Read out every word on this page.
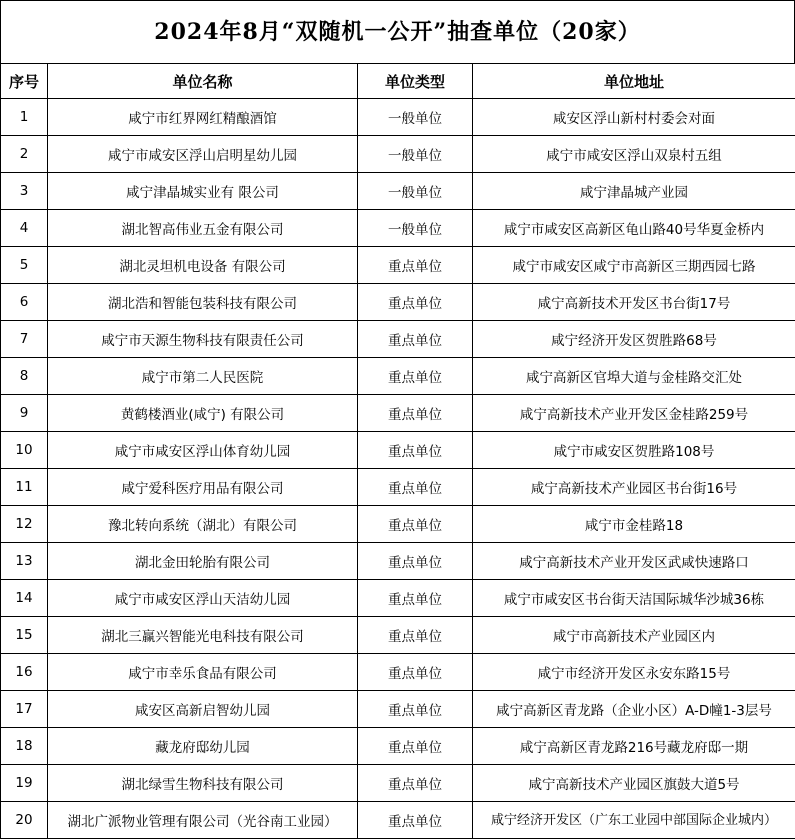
2024年8月“双随机一公开”抽查单位（20家）
序号	单位名称	单位类型	单位地址
1	咸宁市红界网红精酿酒馆	一般单位	咸安区浮山新村村委会对面
2	咸宁市咸安区浮山启明星幼儿园	一般单位	咸宁市咸安区浮山双泉村五组
3	咸宁津晶城实业有 限公司	一般单位	咸宁津晶城产业园
4	湖北智高伟业五金有限公司	一般单位	咸宁市咸安区高新区龟山路40号华夏金桥内
5	湖北灵坦机电设备 有限公司	重点单位	咸宁市咸安区咸宁市高新区三期西园七路
6	湖北浩和智能包装科技有限公司	重点单位	咸宁高新技术开发区书台街17号
7	咸宁市天源生物科技有限责任公司	重点单位	咸宁经济开发区贺胜路68号
8	咸宁市第二人民医院	重点单位	咸宁高新区官埠大道与金桂路交汇处
9	黄鹤楼酒业(咸宁) 有限公司	重点单位	咸宁高新技术产业开发区金桂路259号
10	咸宁市咸安区浮山体育幼儿园	重点单位	咸宁市咸安区贺胜路108号
11	咸宁爱科医疗用品有限公司	重点单位	咸宁高新技术产业园区书台街16号
12	豫北转向系统（湖北）有限公司	重点单位	咸宁市金桂路18
13	湖北金田轮胎有限公司	重点单位	咸宁高新技术产业开发区武咸快速路口
14	咸宁市咸安区浮山天洁幼儿园	重点单位	咸宁市咸安区书台街天洁国际城华沙城36栋
15	湖北三赢兴智能光电科技有限公司	重点单位	咸宁市高新技术产业园区内
16	咸宁市幸乐食品有限公司	重点单位	咸宁市经济开发区永安东路15号
17	咸安区高新启智幼儿园	重点单位	咸宁高新区青龙路（企业小区）A-D幢1-3层号
18	藏龙府邸幼儿园	重点单位	咸宁高新区青龙路216号藏龙府邸一期
19	湖北绿雪生物科技有限公司	重点单位	咸宁高新技术产业园区旗鼓大道5号
20	湖北广派物业管理有限公司（光谷南工业园）	重点单位	咸宁经济开发区（广东工业园中部国际企业城内）
